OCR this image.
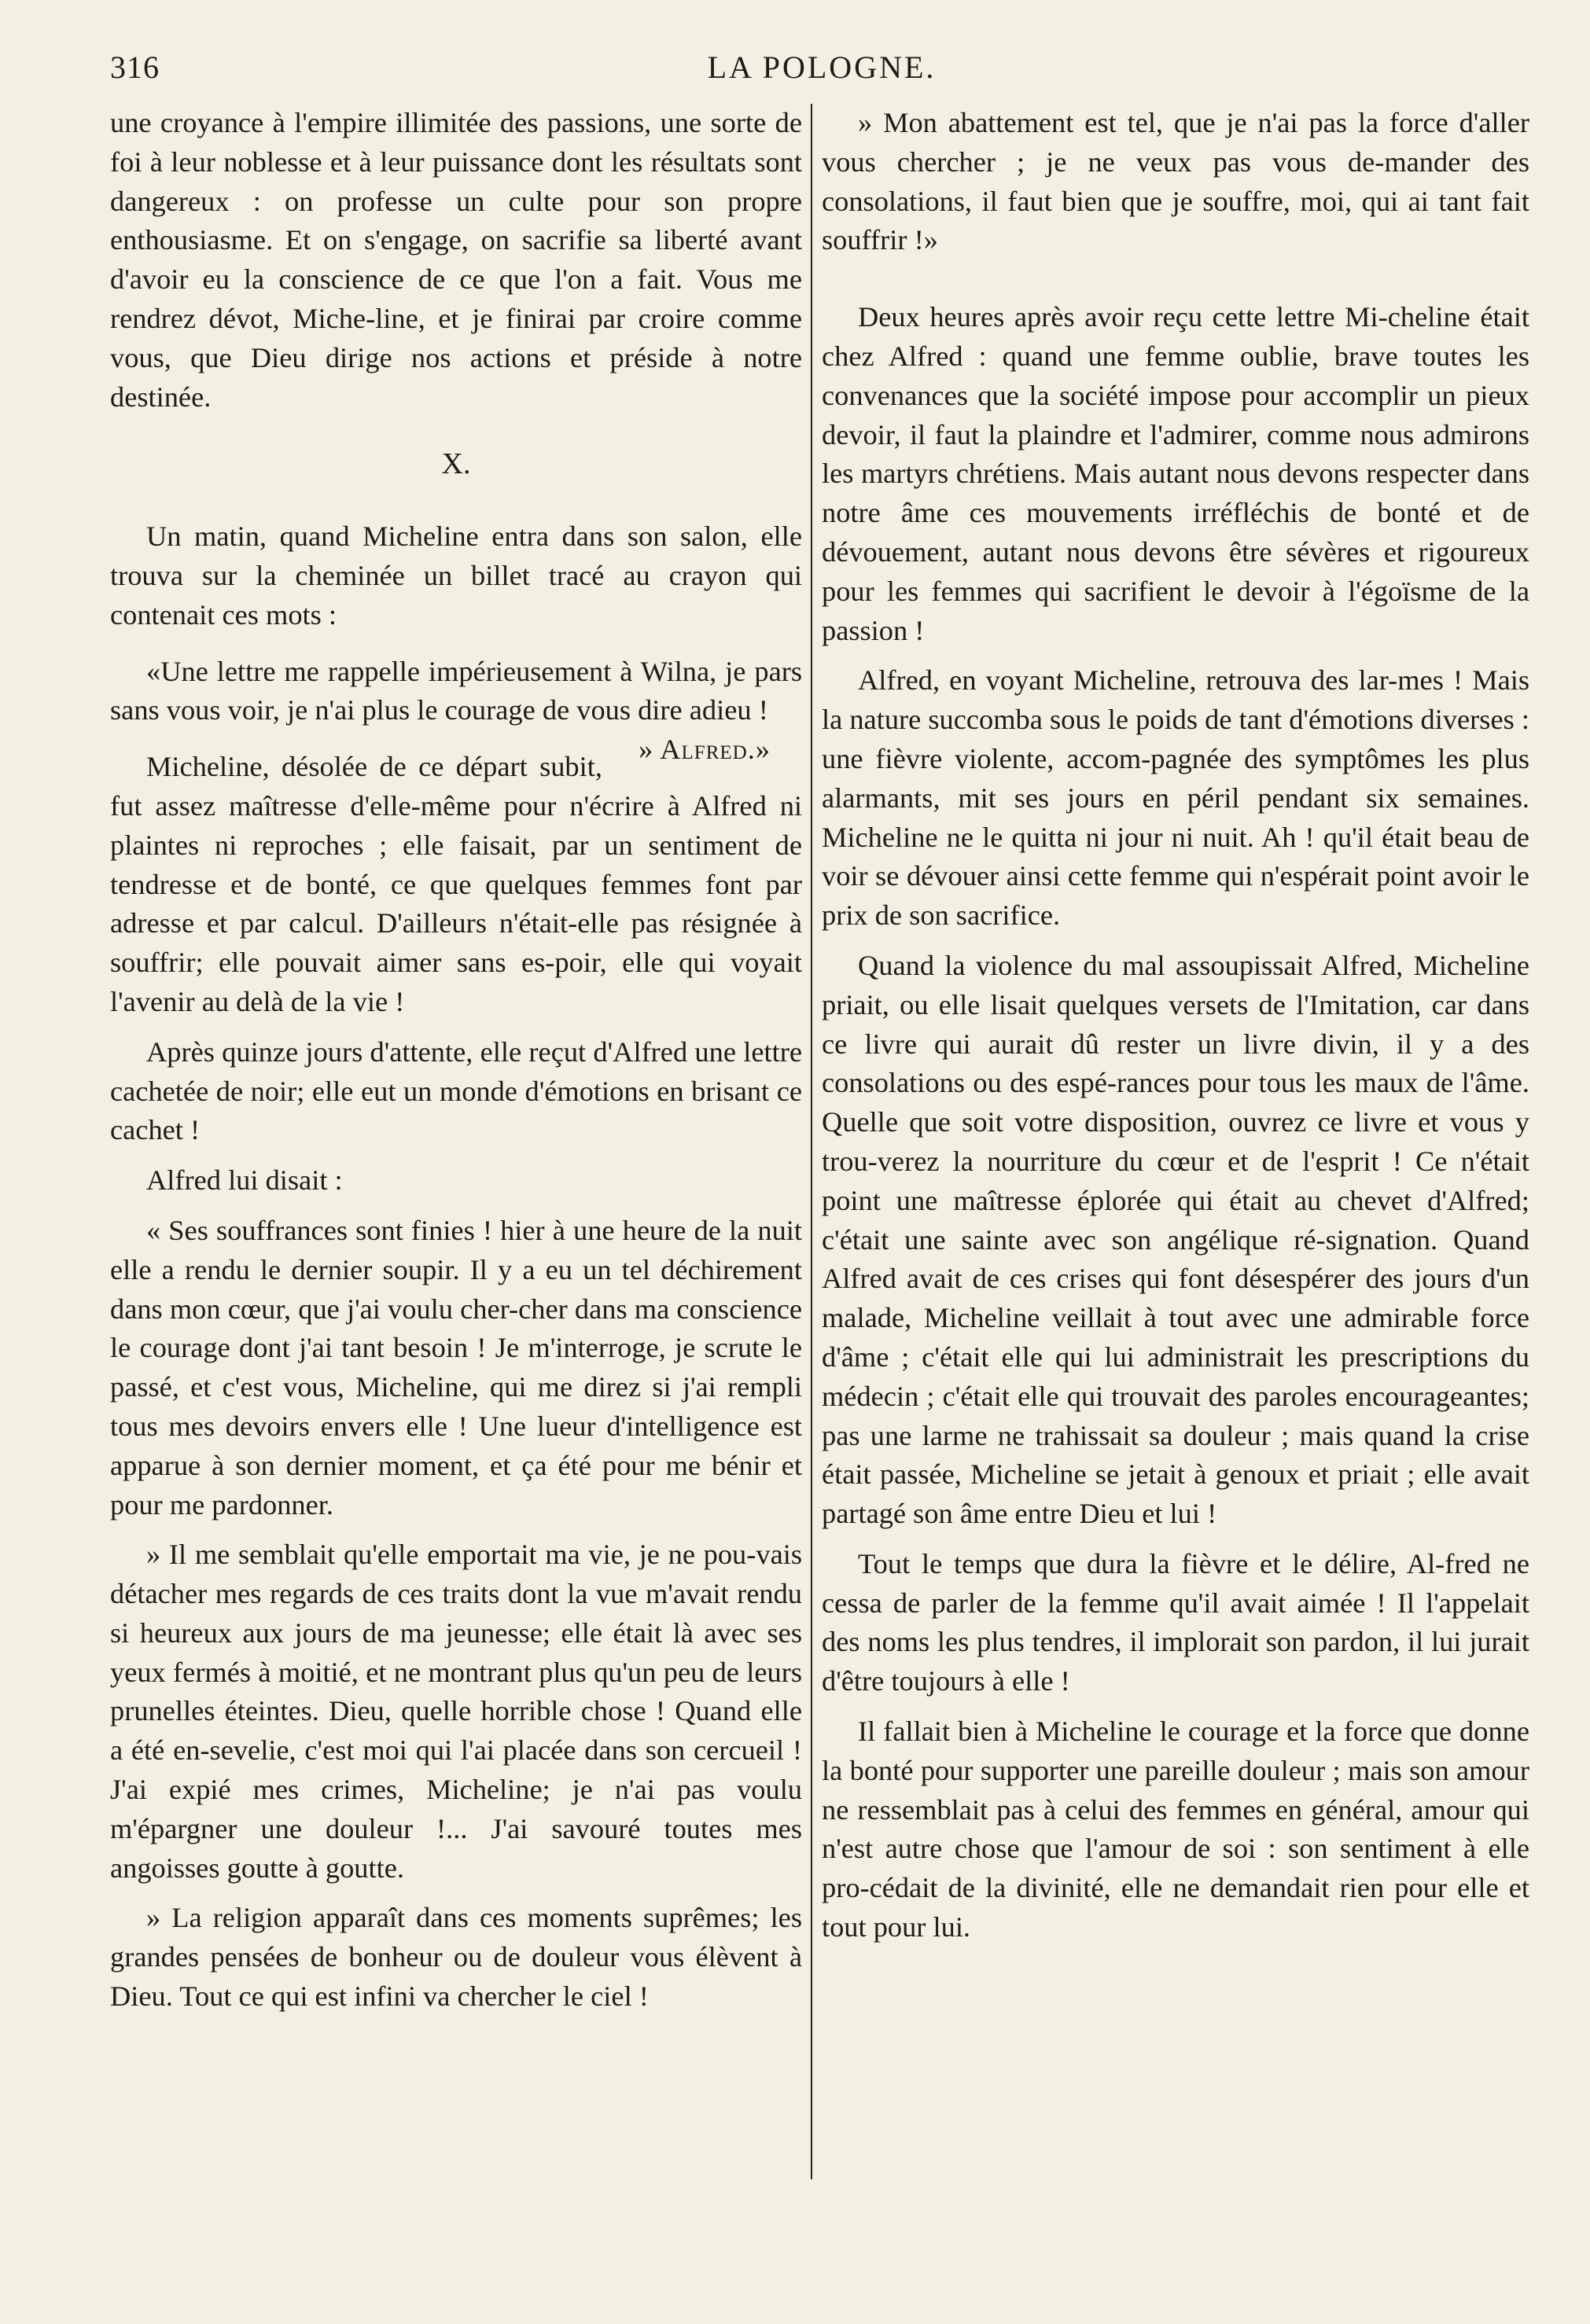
316	LA POLOGNE.

une croyance à l'empire illimitée des passions, une sorte de foi à leur noblesse et à leur puissance dont les résultats sont dangereux : on professe un culte pour son propre enthousiasme. Et on s'engage, on sacrifie sa liberté avant d'avoir eu la conscience de ce que l'on a fait. Vous me rendrez dévot, Miche-line, et je finirai par croire comme vous, que Dieu dirige nos actions et préside à notre destinée.

X.

Un matin, quand Micheline entra dans son salon, elle trouva sur la cheminée un billet tracé au crayon qui contenait ces mots :

«Une lettre me rappelle impérieusement à Wilna, je pars sans vous voir, je n'ai plus le courage de vous dire adieu !
» Alfred.»

Micheline, désolée de ce départ subit, fut assez maîtresse d'elle-même pour n'écrire à Alfred ni plaintes ni reproches ; elle faisait, par un sentiment de tendresse et de bonté, ce que quelques femmes font par adresse et par calcul. D'ailleurs n'était-elle pas résignée à souffrir; elle pouvait aimer sans es-poir, elle qui voyait l'avenir au delà de la vie !

Après quinze jours d'attente, elle reçut d'Alfred une lettre cachetée de noir; elle eut un monde d'émotions en brisant ce cachet !

Alfred lui disait :

« Ses souffrances sont finies ! hier à une heure de la nuit elle a rendu le dernier soupir. Il y a eu un tel déchirement dans mon cœur, que j'ai voulu cher-cher dans ma conscience le courage dont j'ai tant besoin ! Je m'interroge, je scrute le passé, et c'est vous, Micheline, qui me direz si j'ai rempli tous mes devoirs envers elle ! Une lueur d'intelligence est apparue à son dernier moment, et ça été pour me bénir et pour me pardonner.

» Il me semblait qu'elle emportait ma vie, je ne pou-vais détacher mes regards de ces traits dont la vue m'avait rendu si heureux aux jours de ma jeunesse; elle était là avec ses yeux fermés à moitié, et ne montrant plus qu'un peu de leurs prunelles éteintes. Dieu, quelle horrible chose ! Quand elle a été en-sevelie, c'est moi qui l'ai placée dans son cercueil ! J'ai expié mes crimes, Micheline; je n'ai pas voulu m'épargner une douleur !... J'ai savouré toutes mes angoisses goutte à goutte.

» La religion apparaît dans ces moments suprêmes; les grandes pensées de bonheur ou de douleur vous élèvent à Dieu. Tout ce qui est infini va chercher le ciel !

» Mon abattement est tel, que je n'ai pas la force d'aller vous chercher ; je ne veux pas vous de-mander des consolations, il faut bien que je souffre, moi, qui ai tant fait souffrir !»

Deux heures après avoir reçu cette lettre Mi-cheline était chez Alfred : quand une femme oublie, brave toutes les convenances que la société impose pour accomplir un pieux devoir, il faut la plaindre et l'admirer, comme nous admirons les martyrs chrétiens. Mais autant nous devons respecter dans notre âme ces mouvements irréfléchis de bonté et de dévouement, autant nous devons être sévères et rigoureux pour les femmes qui sacrifient le devoir à l'égoïsme de la passion !

Alfred, en voyant Micheline, retrouva des lar-mes ! Mais la nature succomba sous le poids de tant d'émotions diverses : une fièvre violente, accom-pagnée des symptômes les plus alarmants, mit ses jours en péril pendant six semaines. Micheline ne le quitta ni jour ni nuit. Ah ! qu'il était beau de voir se dévouer ainsi cette femme qui n'espérait point avoir le prix de son sacrifice.

Quand la violence du mal assoupissait Alfred, Micheline priait, ou elle lisait quelques versets de l'Imitation, car dans ce livre qui aurait dû rester un livre divin, il y a des consolations ou des espé-rances pour tous les maux de l'âme. Quelle que soit votre disposition, ouvrez ce livre et vous y trou-verez la nourriture du cœur et de l'esprit ! Ce n'était point une maîtresse éplorée qui était au chevet d'Alfred; c'était une sainte avec son angélique ré-signation. Quand Alfred avait de ces crises qui font désespérer des jours d'un malade, Micheline veillait à tout avec une admirable force d'âme ; c'était elle qui lui administrait les prescriptions du médecin ; c'était elle qui trouvait des paroles encourageantes; pas une larme ne trahissait sa douleur ; mais quand la crise était passée, Micheline se jetait à genoux et priait ; elle avait partagé son âme entre Dieu et lui !

Tout le temps que dura la fièvre et le délire, Al-fred ne cessa de parler de la femme qu'il avait aimée ! Il l'appelait des noms les plus tendres, il implorait son pardon, il lui jurait d'être toujours à elle !

Il fallait bien à Micheline le courage et la force que donne la bonté pour supporter une pareille douleur ; mais son amour ne ressemblait pas à celui des femmes en général, amour qui n'est autre chose que l'amour de soi : son sentiment à elle pro-cédait de la divinité, elle ne demandait rien pour elle et tout pour lui.
